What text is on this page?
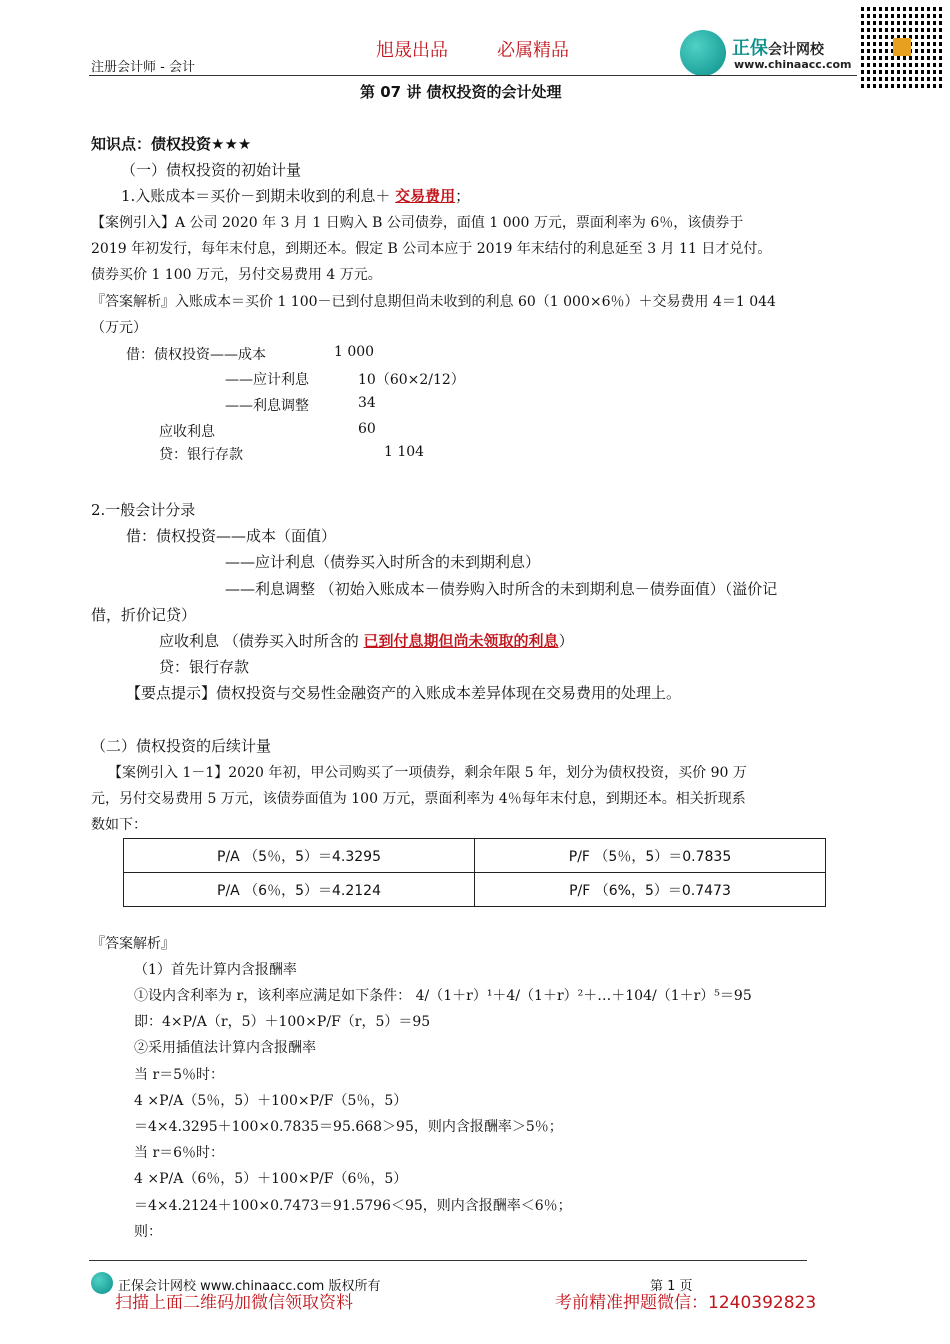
注册会计师 - 会计
旭晟出品	必属精品	正保会计网校
www.chinaacc.com
第 07 讲 债权投资的会计处理
知识点：债权投资★★★
（一）债权投资的初始计量
1.入账成本＝买价－到期未收到的利息＋ 交易费用；
【案例引入】A 公司 2020 年 3 月 1 日购入 B 公司债券，面值 1 000 万元，票面利率为 6％，该债券于
2019 年初发行，每年末付息，到期还本。假定 B 公司本应于 2019 年末结付的利息延至 3 月 11 日才兑付。
债券买价 1 100 万元，另付交易费用 4 万元。
『答案解析』入账成本＝买价 1 100－已到付息期但尚未收到的利息 60（1 000×6％）＋交易费用 4＝1 044
（万元）
借：债权投资——成本	1 000
——应计利息	10（60×2/12）
——利息调整	34
应收利息	60
贷：银行存款	1 104
2.一般会计分录
借：债权投资——成本（面值）
——应计利息（债券买入时所含的未到期利息）
——利息调整 （初始入账成本－债券购入时所含的未到期利息－债券面值）（溢价记
借，折价记贷）
应收利息 （债券买入时所含的 已到付息期但尚未领取的利息）
贷：银行存款
【要点提示】债权投资与交易性金融资产的入账成本差异体现在交易费用的处理上。
（二）债权投资的后续计量
【案例引入 1－1】2020 年初，甲公司购买了一项债券，剩余年限 5 年，划分为债权投资，买价 90 万
元，另付交易费用 5 万元，该债券面值为 100 万元，票面利率为 4％每年末付息，到期还本。相关折现系
数如下：
P/A （5％，5）＝4.3295	P/F （5％，5）＝0.7835
P/A （6％，5）＝4.2124	P/F （6%，5）＝0.7473
『答案解析』
（1）首先计算内含报酬率
①设内含利率为 r，该利率应满足如下条件： 4/（1＋r）¹＋4/（1＋r）²＋…＋104/（1＋r）⁵＝95
即：4×P/A（r，5）＋100×P/F（r，5）＝95
②采用插值法计算内含报酬率
当 r＝5％时：
4 ×P/A（5％，5）＋100×P/F（5％，5）
＝4×4.3295＋100×0.7835＝95.668＞95，则内含报酬率＞5％；
当 r＝6％时：
4 ×P/A（6％，5）＋100×P/F（6％，5）
＝4×4.2124＋100×0.7473＝91.5796＜95，则内含报酬率＜6％；
则：
正保会计网校 www.chinaacc.com 版权所有	第 1 页
扫描上面二维码加微信领取资料	考前精准押题微信：1240392823
